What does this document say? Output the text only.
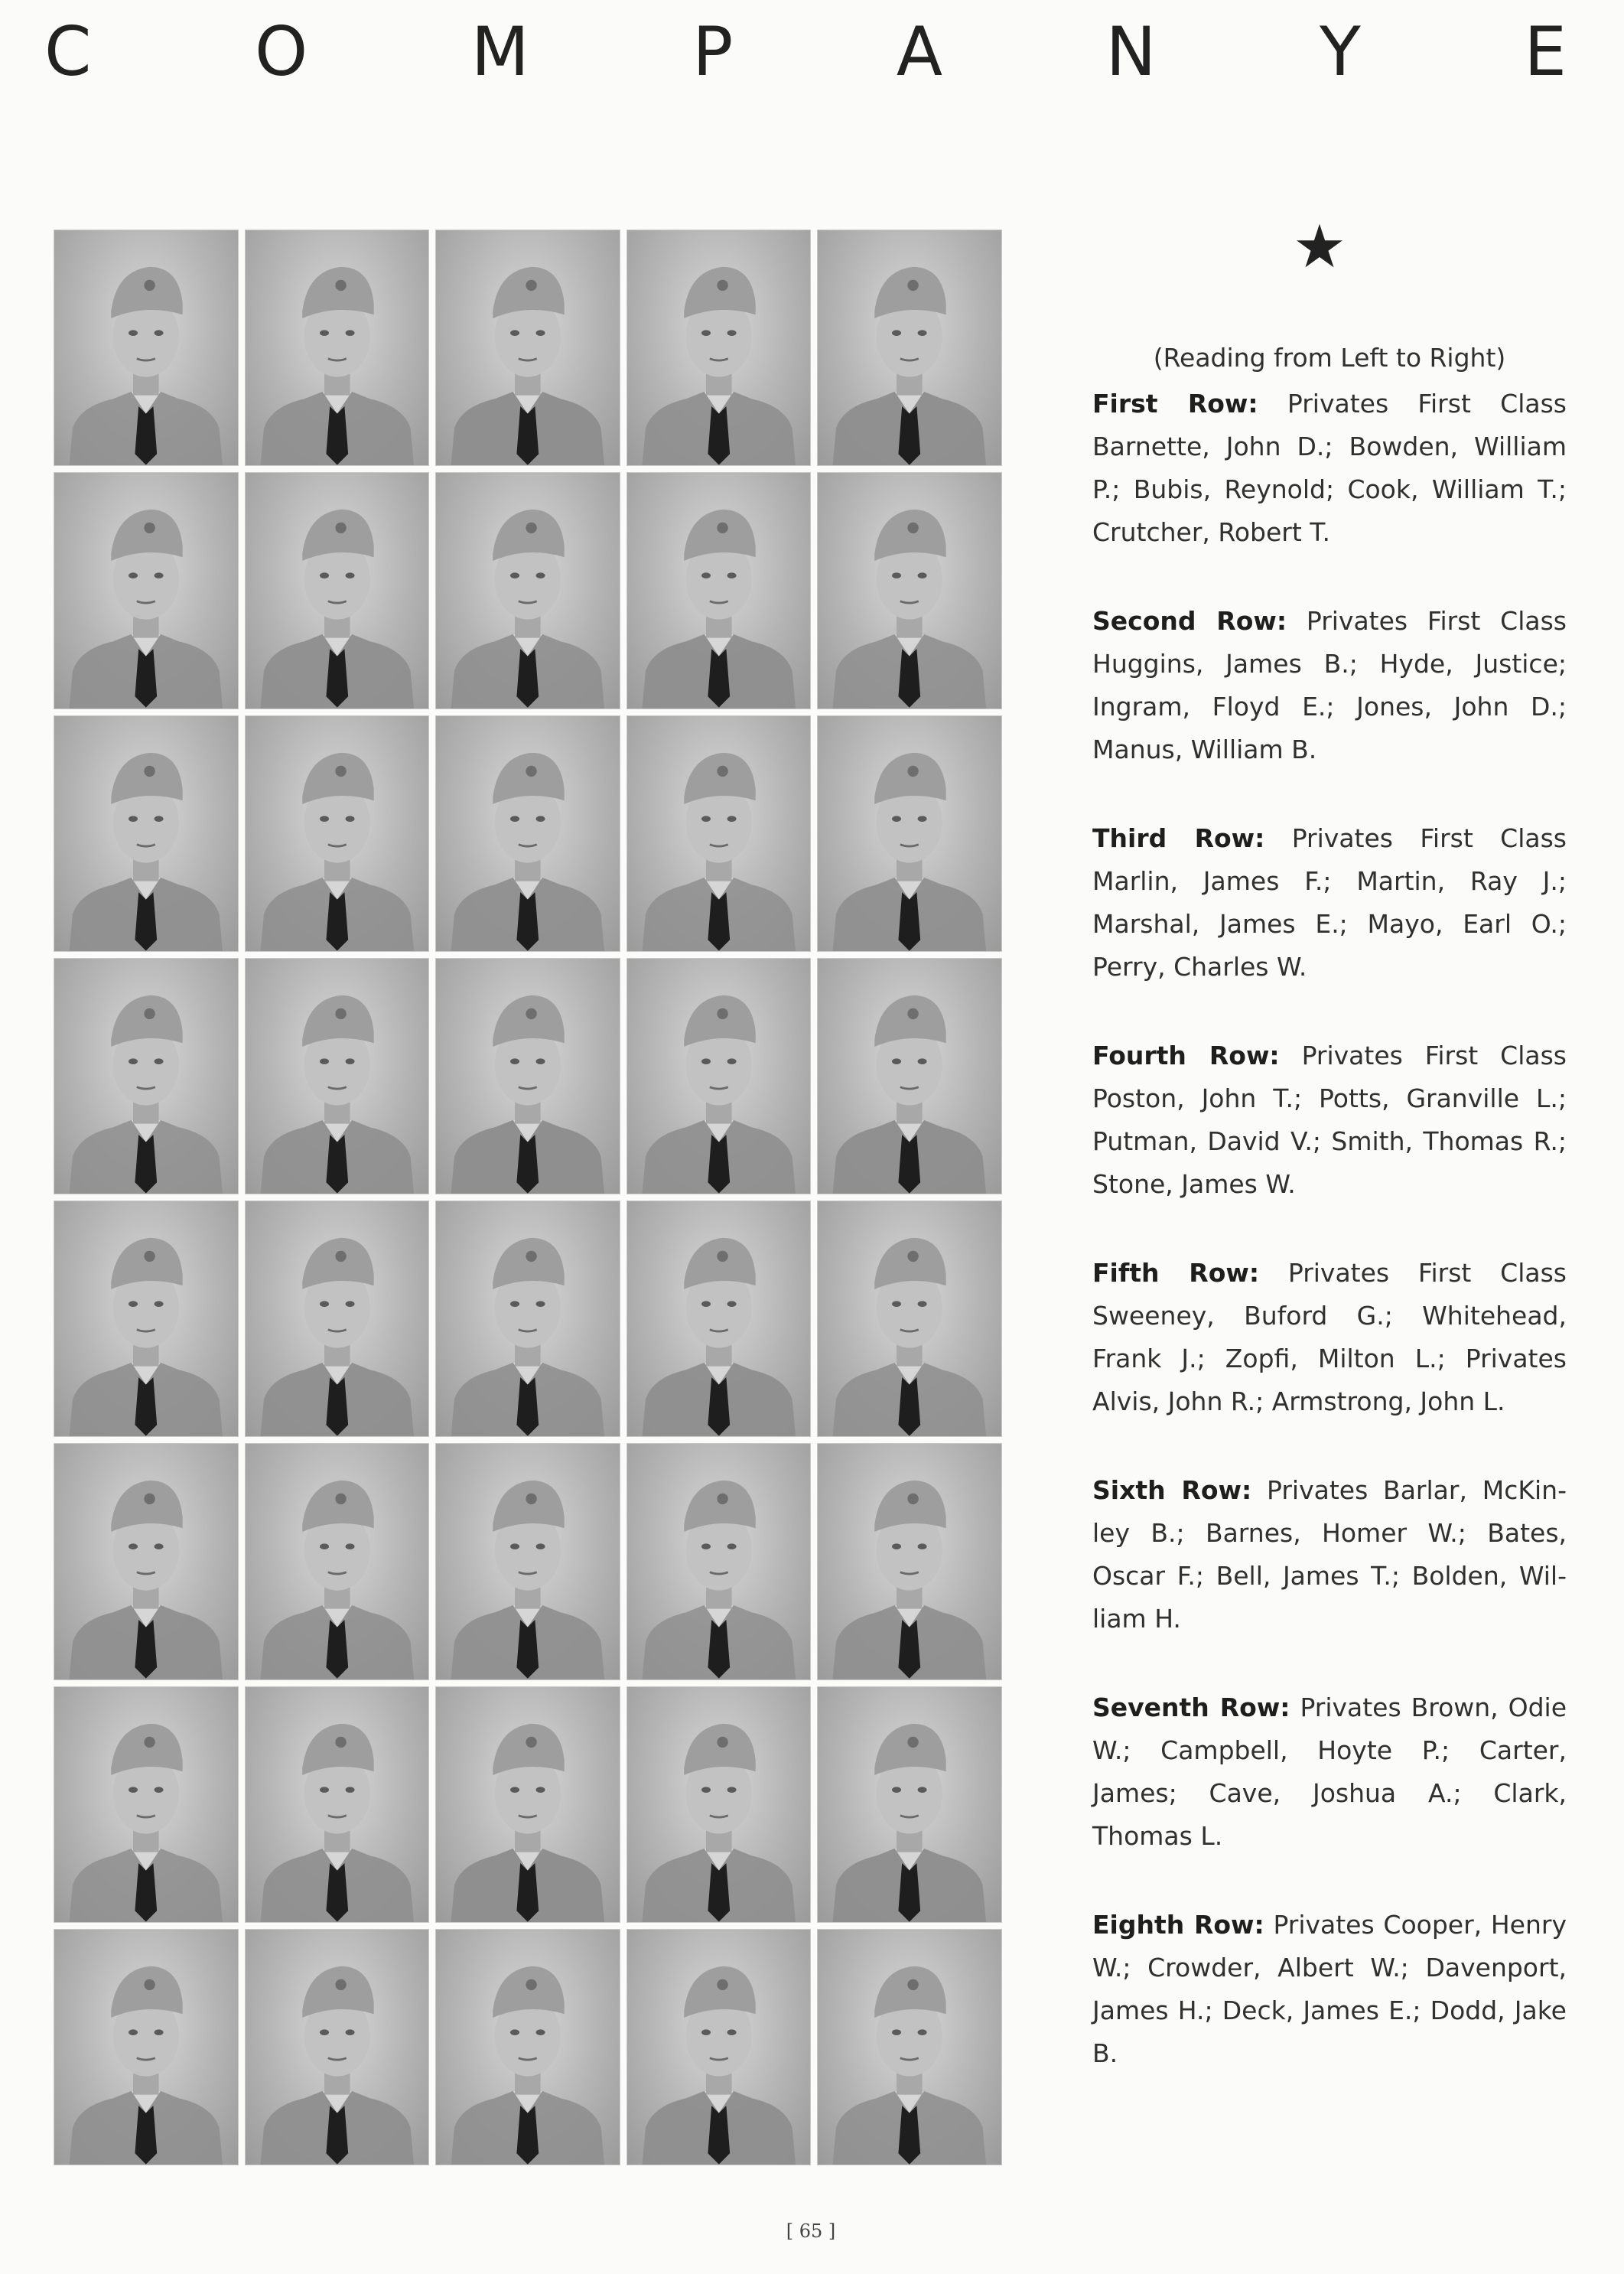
C O M P A N Y E
★
(Reading from Left to Right)
First Row: Privates First Class Barnette, John D.; Bowden, William P.; Bubis, Reynold; Cook, William T.; Crutcher, Robert T.
Second Row: Privates First Class Huggins, James B.; Hyde, Justice; Ingram, Floyd E.; Jones, John D.; Manus, William B.
Third Row: Privates First Class Marlin, James F.; Martin, Ray J.; Marshal, James E.; Mayo, Earl O.; Perry, Charles W.
Fourth Row: Privates First Class Poston, John T.; Potts, Granville L.; Putman, David V.; Smith, Thomas R.; Stone, James W.
Fifth Row: Privates First Class Sweeney, Buford G.; Whitehead, Frank J.; Zopfi, Milton L.; Privates Alvis, John R.; Armstrong, John L.
Sixth Row: Privates Barlar, McKin-ley B.; Barnes, Homer W.; Bates, Oscar F.; Bell, James T.; Bolden, Wil-liam H.
Seventh Row: Privates Brown, Odie W.; Campbell, Hoyte P.; Carter, James; Cave, Joshua A.; Clark, Thomas L.
Eighth Row: Privates Cooper, Henry W.; Crowder, Albert W.; Davenport, James H.; Deck, James E.; Dodd, Jake B.
[ 65 ]
